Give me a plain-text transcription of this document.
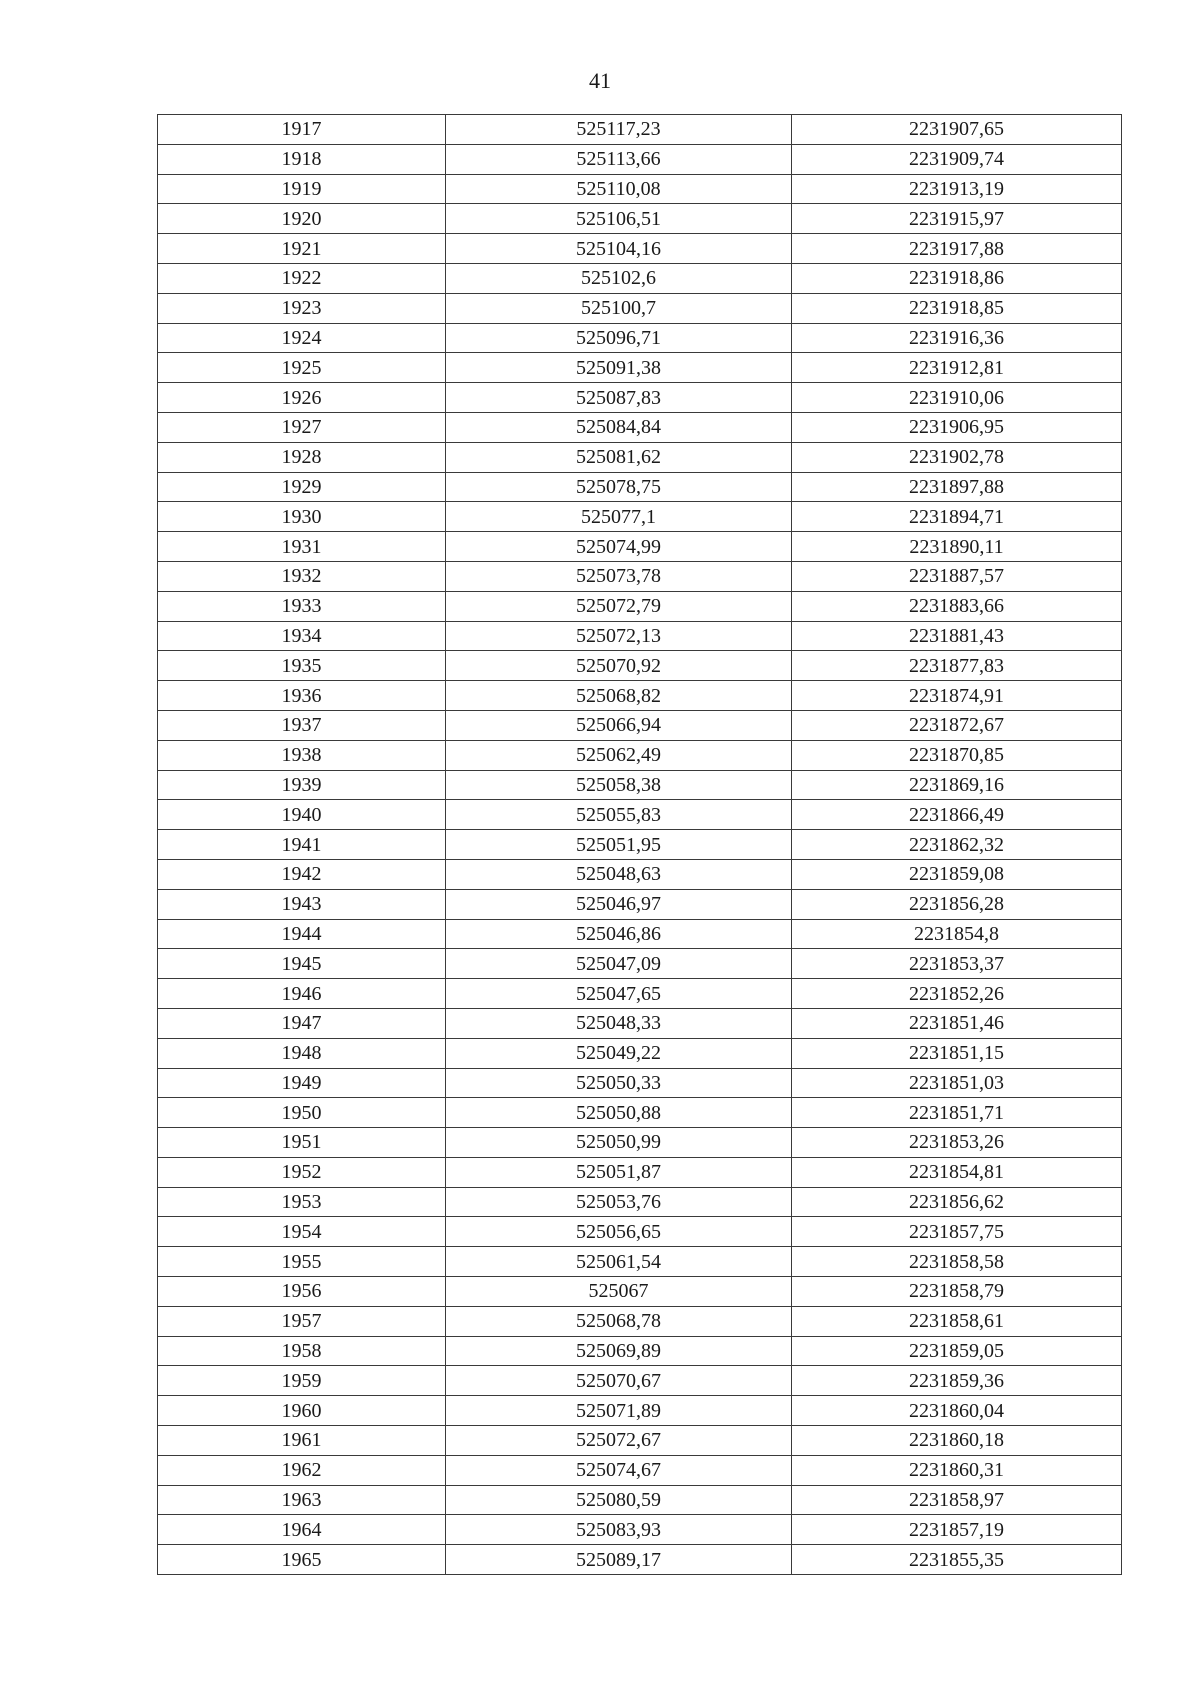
41
1917	525117,23	2231907,65
1918	525113,66	2231909,74
1919	525110,08	2231913,19
1920	525106,51	2231915,97
1921	525104,16	2231917,88
1922	525102,6	2231918,86
1923	525100,7	2231918,85
1924	525096,71	2231916,36
1925	525091,38	2231912,81
1926	525087,83	2231910,06
1927	525084,84	2231906,95
1928	525081,62	2231902,78
1929	525078,75	2231897,88
1930	525077,1	2231894,71
1931	525074,99	2231890,11
1932	525073,78	2231887,57
1933	525072,79	2231883,66
1934	525072,13	2231881,43
1935	525070,92	2231877,83
1936	525068,82	2231874,91
1937	525066,94	2231872,67
1938	525062,49	2231870,85
1939	525058,38	2231869,16
1940	525055,83	2231866,49
1941	525051,95	2231862,32
1942	525048,63	2231859,08
1943	525046,97	2231856,28
1944	525046,86	2231854,8
1945	525047,09	2231853,37
1946	525047,65	2231852,26
1947	525048,33	2231851,46
1948	525049,22	2231851,15
1949	525050,33	2231851,03
1950	525050,88	2231851,71
1951	525050,99	2231853,26
1952	525051,87	2231854,81
1953	525053,76	2231856,62
1954	525056,65	2231857,75
1955	525061,54	2231858,58
1956	525067	2231858,79
1957	525068,78	2231858,61
1958	525069,89	2231859,05
1959	525070,67	2231859,36
1960	525071,89	2231860,04
1961	525072,67	2231860,18
1962	525074,67	2231860,31
1963	525080,59	2231858,97
1964	525083,93	2231857,19
1965	525089,17	2231855,35
